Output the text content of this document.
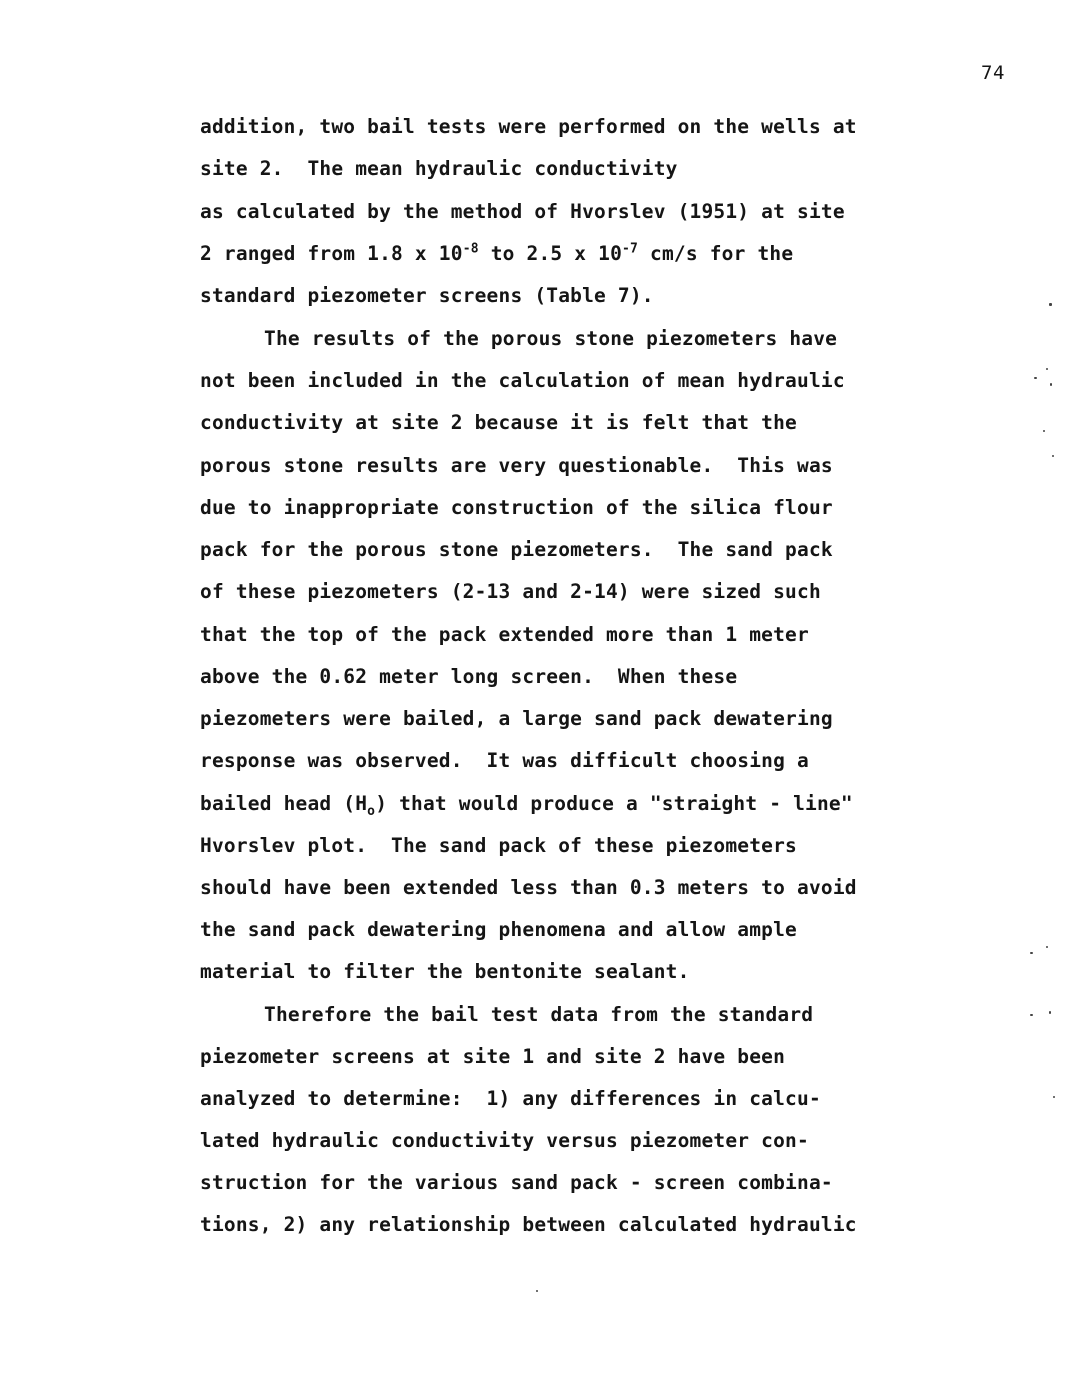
74
addition, two bail tests were performed on the wells at
site 2.  The mean hydraulic conductivity
as calculated by the method of Hvorslev (1951) at site
2 ranged from 1.8 x $10^{-8}$ to 2.5 x $10^{-7}$ cm/s for the
standard piezometer screens (Table 7).
The results of the porous stone piezometers have
not been included in the calculation of mean hydraulic
conductivity at site 2 because it is felt that the
porous stone results are very questionable.  This was
due to inappropriate construction of the silica flour
pack for the porous stone piezometers.  The sand pack
of these piezometers (2-13 and 2-14) were sized such
that the top of the pack extended more than 1 meter
above the 0.62 meter long screen.  When these
piezometers were bailed, a large sand pack dewatering
response was observed.  It was difficult choosing a
bailed head $(H_o)$ that would produce a "straight - line"
Hvorslev plot.  The sand pack of these piezometers
should have been extended less than 0.3 meters to avoid
the sand pack dewatering phenomena and allow ample
material to filter the bentonite sealant.
Therefore the bail test data from the standard
piezometer screens at site 1 and site 2 have been
analyzed to determine:  1) any differences in calcu-
lated hydraulic conductivity versus piezometer con-
struction for the various sand pack - screen combina-
tions, 2) any relationship between calculated hydraulic
